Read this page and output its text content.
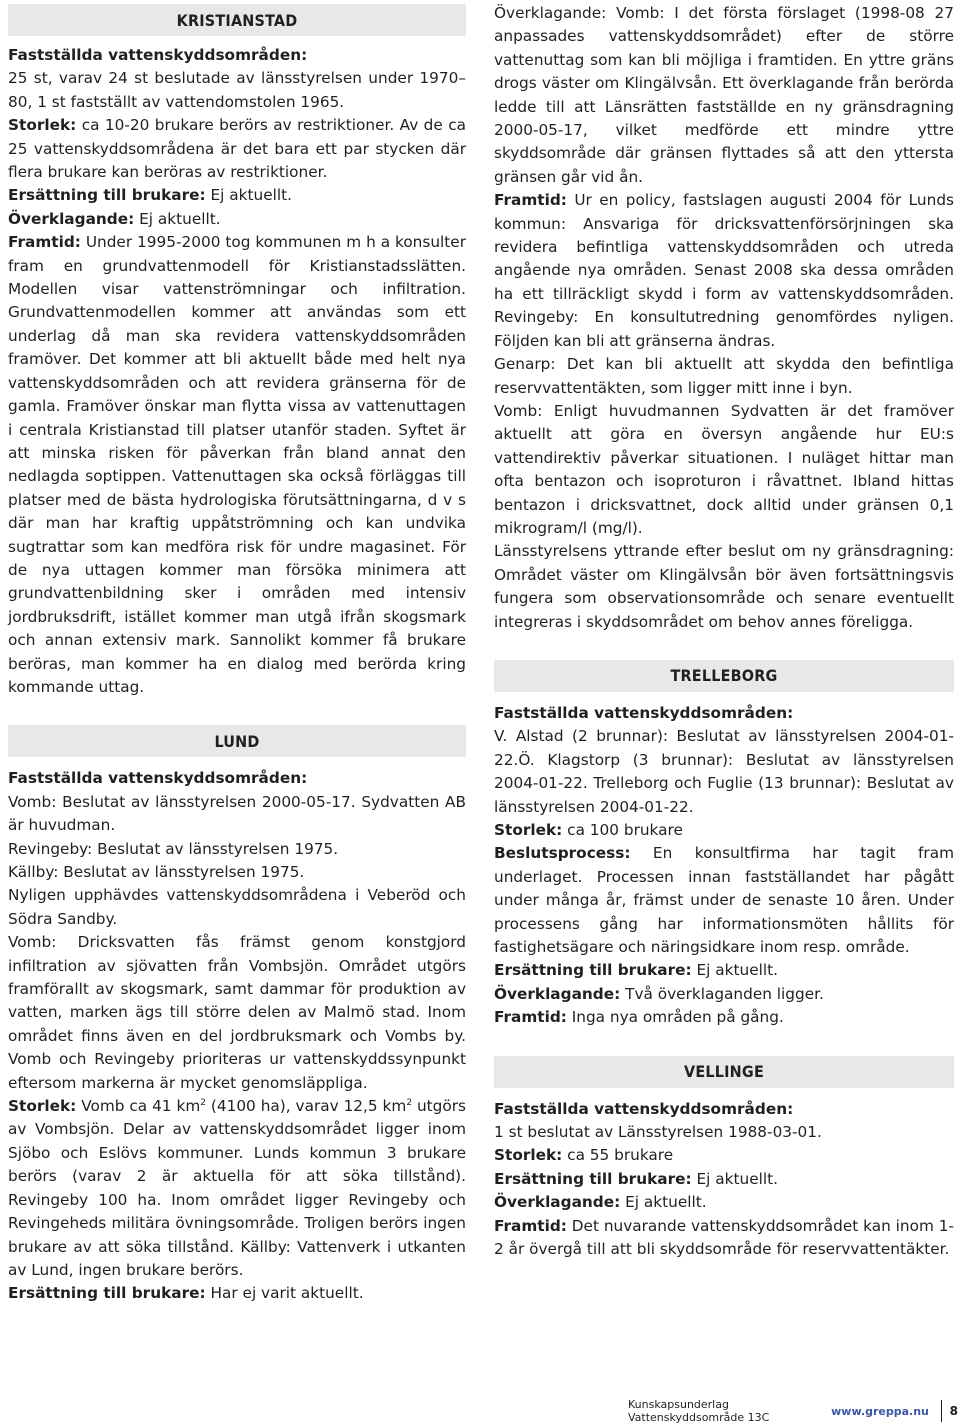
KRISTIANSTAD

Fastställda vattenskyddsområden:

25 st, varav 24 st beslutade av länsstyrelsen under 1970–80, 1 st fastställt av vattendomstolen 1965.

Storlek: ca 10-20 brukare berörs av restriktioner. Av de ca 25 vattenskyddsområdena är det bara ett par stycken där flera brukare kan beröras av restriktioner.

Ersättning till brukare: Ej aktuellt.

Överklagande: Ej aktuellt.

Framtid: Under 1995-2000 tog kommunen m h a konsulter fram en grundvattenmodell för Kristianstadsslätten. Modellen visar vattenströmningar och infiltration. Grundvattenmodellen kommer att användas som ett underlag då man ska revidera vattenskyddsområden framöver. Det kommer att bli aktuellt både med helt nya vattenskyddsområden och att revidera gränserna för de gamla. Framöver önskar man flytta vissa av vattenuttagen i centrala Kristianstad till platser utanför staden. Syftet är att minska risken för påverkan från bland annat den nedlagda soptippen. Vattenuttagen ska också förläggas till platser med de bästa hydrologiska förutsättningarna, d v s där man har kraftig uppåtströmning och kan undvika sugtrattar som kan medföra risk för undre magasinet. För de nya uttagen kommer man försöka minimera att grundvattenbildning sker i områden med intensiv jordbruksdrift, istället kommer man utgå ifrån skogsmark och annan extensiv mark. Sannolikt kommer få brukare beröras, man kommer ha en dialog med berörda kring kommande uttag.

LUND

Fastställda vattenskyddsområden:

Vomb: Beslutat av länsstyrelsen 2000-05-17. Sydvatten AB är huvudman.

Revingeby: Beslutat av länsstyrelsen 1975.

Källby: Beslutat av länsstyrelsen 1975.

Nyligen upphävdes vattenskyddsområdena i Veberöd och Södra Sandby.

Vomb: Dricksvatten fås främst genom konstgjord infiltration av sjövatten från Vombsjön. Området utgörs framförallt av skogsmark, samt dammar för produktion av vatten, marken ägs till större delen av Malmö stad. Inom området finns även en del jordbruksmark och Vombs by. Vomb och Revingeby prioriteras ur vattenskyddssynpunkt eftersom markerna är mycket genomsläppliga.

Storlek: Vomb ca 41 $km^2$ (4100 ha), varav 12,5 $km^2$ utgörs av Vombsjön. Delar av vattenskyddsområdet ligger inom Sjöbo och Eslövs kommuner. Lunds kommun 3 brukare berörs (varav 2 är aktuella för att söka tillstånd). Revingeby 100 ha. Inom området ligger Revingeby och Revingeheds militära övningsområde. Troligen berörs ingen brukare av att söka tillstånd. Källby: Vattenverk i utkanten av Lund, ingen brukare berörs.

Ersättning till brukare: Har ej varit aktuellt.

Överklagande: Vomb: I det första förslaget (1998-08 27 anpassades vattenskyddsområdet) efter de större vattenuttag som kan bli möjliga i framtiden. En yttre gräns drogs väster om Klingälvsån. Ett överklagande från berörda ledde till att Länsrätten fastställde en ny gränsdragning 2000-05-17, vilket medförde ett mindre yttre skyddsområde där gränsen flyttades så att den yttersta gränsen går vid ån.

Framtid: Ur en policy, fastslagen augusti 2004 för Lunds kommun: Ansvariga för dricksvattenförsörjningen ska revidera befintliga vattenskyddsområden och utreda angående nya områden. Senast 2008 ska dessa områden ha ett tillräckligt skydd i form av vattenskyddsområden. Revingeby: En konsultutredning genomfördes nyligen. Följden kan bli att gränserna ändras.

Genarp: Det kan bli aktuellt att skydda den befintliga reservvattentäkten, som ligger mitt inne i byn.

Vomb: Enligt huvudmannen Sydvatten är det framöver aktuellt att göra en översyn angående hur EU:s vattendirektiv påverkar situationen. I nuläget hittar man ofta bentazon och isoproturon i råvattnet. Ibland hittas bentazon i dricksvattnet, dock alltid under gränsen 0,1 mikrogram/l (mg/l).

Länsstyrelsens yttrande efter beslut om ny gränsdragning: Området väster om Klingälvsån bör även fortsättningsvis fungera som observationsområde och senare eventuellt integreras i skyddsområdet om behov annes föreligga.

TRELLEBORG

Fastställda vattenskyddsområden:

V. Alstad (2 brunnar): Beslutat av länsstyrelsen 2004-01-22.Ö. Klagstorp (3 brunnar): Beslutat av länsstyrelsen 2004-01-22. Trelleborg och Fuglie (13 brunnar): Beslutat av länsstyrelsen 2004-01-22.

Storlek: ca 100 brukare

Beslutsprocess: En konsultfirma har tagit fram underlaget. Processen innan fastställandet har pågått under många år, främst under de senaste 10 åren. Under processens gång har informationsmöten hållits för fastighetsägare och näringsidkare inom resp. område.

Ersättning till brukare: Ej aktuellt.

Överklagande: Två överklaganden ligger.

Framtid: Inga nya områden på gång.

VELLINGE

Fastställda vattenskyddsområden:

1 st beslutat av Länsstyrelsen 1988-03-01.

Storlek: ca 55 brukare

Ersättning till brukare: Ej aktuellt.

Överklagande: Ej aktuellt.

Framtid: Det nuvarande vattenskyddsområdet kan inom 1-2 år övergå till att bli skyddsområde för reservvattentäkter.

Kunskapsunderlag Vattenskyddsområde 13C	www.greppa.nu 8
